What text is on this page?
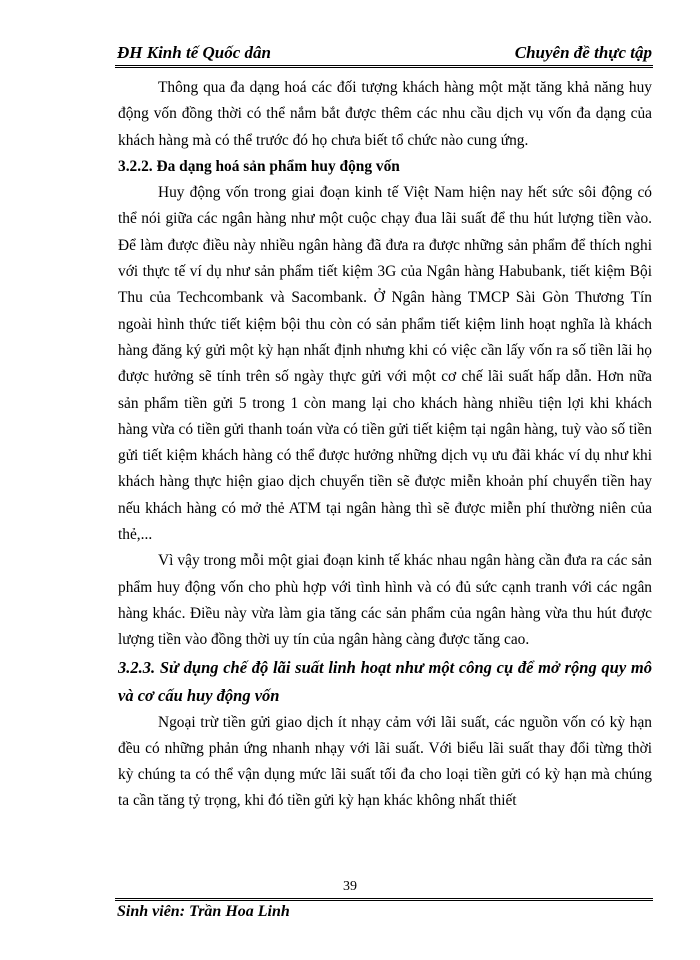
ĐH Kinh tế Quốc dân	Chuyên đề thực tập

Thông qua đa dạng hoá các đối tượng khách hàng một mặt tăng khả năng huy động vốn đồng thời có thể nắm bắt được thêm các nhu cầu dịch vụ vốn đa dạng của khách hàng mà có thể trước đó họ chưa biết tổ chức nào cung ứng.

3.2.2. Đa dạng hoá sản phẩm huy động vốn

Huy động vốn trong giai đoạn kinh tế Việt Nam hiện nay hết sức sôi động có thể nói giữa các ngân hàng như một cuộc chạy đua lãi suất để thu hút lượng tiền vào. Để làm được điều này nhiều ngân hàng đã đưa ra được những sản phẩm để thích nghi với thực tế ví dụ như sản phẩm tiết kiệm 3G của Ngân hàng Habubank, tiết kiệm Bội Thu của Techcombank và Sacombank. Ở Ngân hàng TMCP Sài Gòn Thương Tín ngoài hình thức tiết kiệm bội thu còn có sản phẩm tiết kiệm linh hoạt nghĩa là khách hàng đăng ký gửi một kỳ hạn nhất định nhưng khi có việc cần lấy vốn ra số tiền lãi họ được hưởng sẽ tính trên số ngày thực gửi với một cơ chế lãi suất hấp dẫn. Hơn nữa sản phẩm tiền gửi 5 trong 1 còn mang lại cho khách hàng nhiều tiện lợi khi khách hàng vừa có tiền gửi thanh toán vừa có tiền gửi tiết kiệm tại ngân hàng, tuỳ vào số tiền gửi tiết kiệm khách hàng có thể được hưởng những dịch vụ ưu đãi khác ví dụ như khi khách hàng thực hiện giao dịch chuyển tiền sẽ được miễn khoản phí chuyển tiền hay nếu khách hàng có mở thẻ ATM tại ngân hàng thì sẽ được miễn phí thường niên của thẻ,...

Vì vậy trong mỗi một giai đoạn kinh tế khác nhau ngân hàng cần đưa ra các sản phẩm huy động vốn cho phù hợp với tình hình và có đủ sức cạnh tranh với các ngân hàng khác. Điều này vừa làm gia tăng các sản phẩm của ngân hàng vừa thu hút được lượng tiền vào đồng thời uy tín của ngân hàng càng được tăng cao.

3.2.3. Sử dụng chế độ lãi suất linh hoạt như một công cụ để mở rộng quy mô và cơ cấu huy động vốn

Ngoại trừ tiền gửi giao dịch ít nhạy cảm với lãi suất, các nguồn vốn có kỳ hạn đều có những phản ứng nhanh nhạy với lãi suất. Với biểu lãi suất thay đổi từng thời kỳ chúng ta có thể vận dụng mức lãi suất tối đa cho loại tiền gửi có kỳ hạn mà chúng ta cần tăng tỷ trọng, khi đó tiền gửi kỳ hạn khác không nhất thiết

39
Sinh viên: Trần Hoa Linh
